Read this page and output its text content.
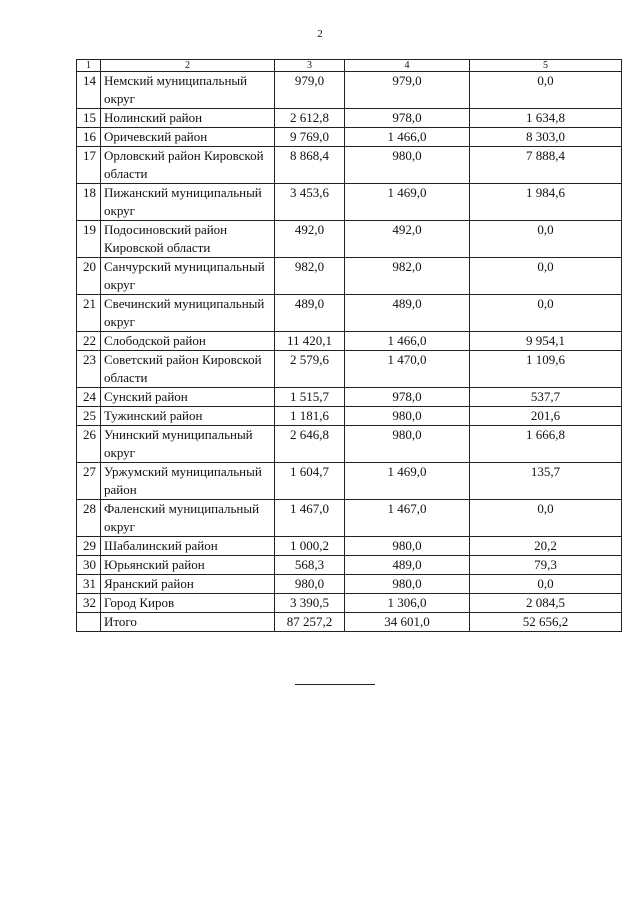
2
1	2	3	4	5
14	Немский муниципальный округ	979,0	979,0	0,0
15	Нолинский район	2 612,8	978,0	1 634,8
16	Оричевский район	9 769,0	1 466,0	8 303,0
17	Орловский район Кировской области	8 868,4	980,0	7 888,4
18	Пижанский муниципальный округ	3 453,6	1 469,0	1 984,6
19	Подосиновский район Кировской области	492,0	492,0	0,0
20	Санчурский муниципальный округ	982,0	982,0	0,0
21	Свечинский муниципальный округ	489,0	489,0	0,0
22	Слободской район	11 420,1	1 466,0	9 954,1
23	Советский район Кировской области	2 579,6	1 470,0	1 109,6
24	Сунский район	1 515,7	978,0	537,7
25	Тужинский район	1 181,6	980,0	201,6
26	Унинский муниципальный округ	2 646,8	980,0	1 666,8
27	Уржумский муниципальный район	1 604,7	1 469,0	135,7
28	Фаленский муниципальный округ	1 467,0	1 467,0	0,0
29	Шабалинский район	1 000,2	980,0	20,2
30	Юрьянский район	568,3	489,0	79,3
31	Яранский район	980,0	980,0	0,0
32	Город Киров	3 390,5	1 306,0	2 084,5
	Итого	87 257,2	34 601,0	52 656,2
